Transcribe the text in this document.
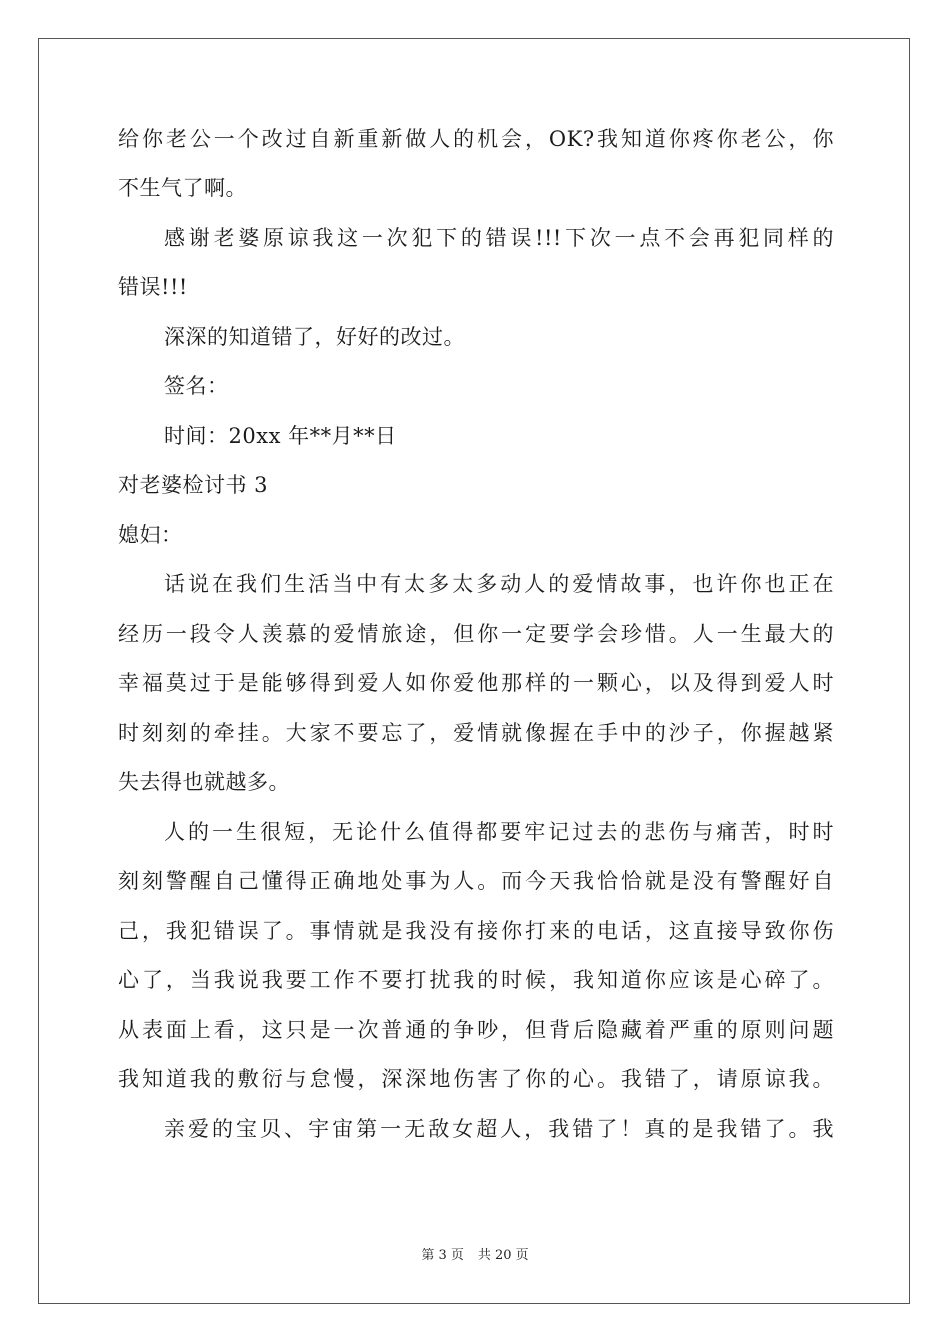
给你老公一个改过自新重新做人的机会，OK?我知道你疼你老公，你
不生气了啊。
感谢老婆原谅我这一次犯下的错误!!!下次一点不会再犯同样的
错误!!!
深深的知道错了，好好的改过。
签名：
时间：20xx 年**月**日
对老婆检讨书 3
媳妇：
话说在我们生活当中有太多太多动人的爱情故事，也许你也正在
经历一段令人羡慕的爱情旅途，但你一定要学会珍惜。人一生最大的
幸福莫过于是能够得到爱人如你爱他那样的一颗心，以及得到爱人时
时刻刻的牵挂。大家不要忘了，爱情就像握在手中的沙子，你握越紧
失去得也就越多。
人的一生很短，无论什么值得都要牢记过去的悲伤与痛苦，时时
刻刻警醒自己懂得正确地处事为人。而今天我恰恰就是没有警醒好自
己，我犯错误了。事情就是我没有接你打来的电话，这直接导致你伤
心了，当我说我要工作不要打扰我的时候，我知道你应该是心碎了。
从表面上看，这只是一次普通的争吵，但背后隐藏着严重的原则问题
我知道我的敷衍与怠慢，深深地伤害了你的心。我错了，请原谅我。
亲爱的宝贝、宇宙第一无敌女超人，我错了！真的是我错了。我
第 3 页 共 20 页
